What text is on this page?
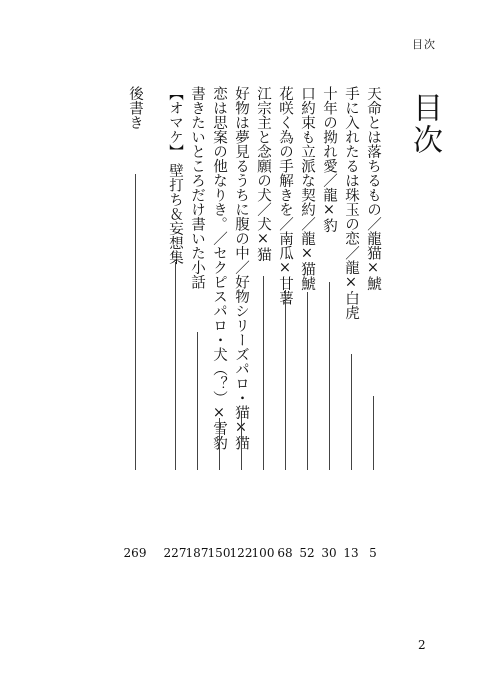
目次
目次
天命とは落ちるもの／龍猫×鯱
5
手に入れたるは珠玉の恋／龍×白虎
13
十年の拗れ愛／龍×豹
30
口約束も立派な契約／龍×猫鯱
52
花咲く為の手解きを／南瓜×甘薯
68
江宗主と念願の犬／犬×猫
100
好物は夢見るうちに腹の中／好物シリーズパロ・猫×猫
122
恋は思案の他なりき。／セクピスパロ・犬（？）×雪豹
150
書きたいところだけ書いた小話
187
【オマケ】 壁打ち＆妄想集
227
後書き
269
2
